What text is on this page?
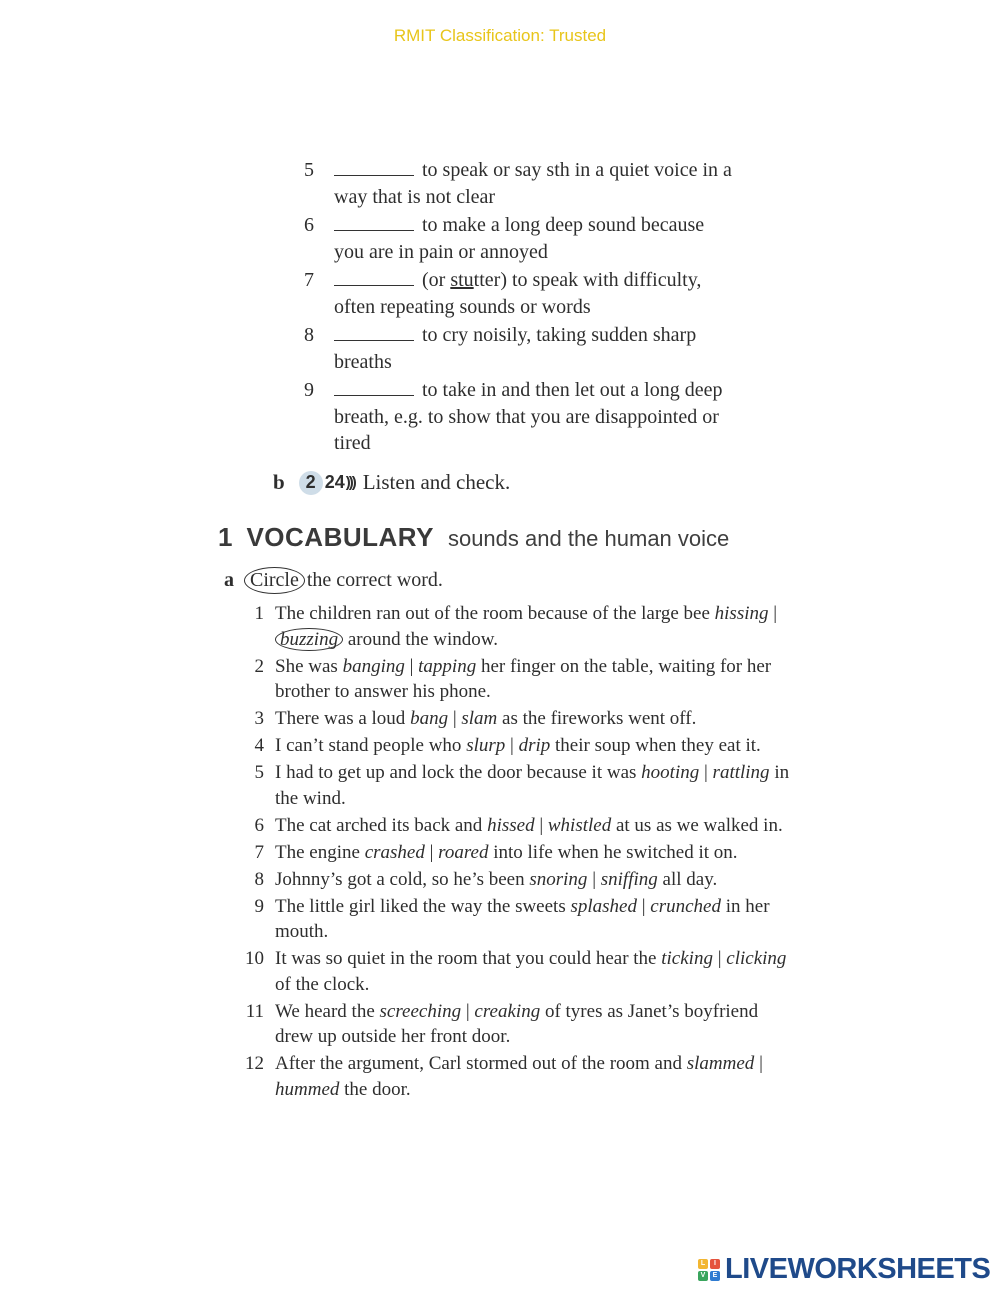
RMIT Classification: Trusted
5	to speak or say sth in a quiet voice in a way that is not clear
6	to make a long deep sound because you are in pain or annoyed
7	(or stutter) to speak with difficulty, often repeating sounds or words
8	to cry noisily, taking sudden sharp breaths
9	to take in and then let out a long deep breath, e.g. to show that you are disappointed or tired
b 2 24 ))) Listen and check.
1 VOCABULARY sounds and the human voice
a Circle the correct word.
1 The children ran out of the room because of the large bee hissing | buzzing around the window.
2 She was banging | tapping her finger on the table, waiting for her brother to answer his phone.
3 There was a loud bang | slam as the fireworks went off.
4 I can’t stand people who slurp | drip their soup when they eat it.
5 I had to get up and lock the door because it was hooting | rattling in the wind.
6 The cat arched its back and hissed | whistled at us as we walked in.
7 The engine crashed | roared into life when he switched it on.
8 Johnny’s got a cold, so he’s been snoring | sniffing all day.
9 The little girl liked the way the sweets splashed | crunched in her mouth.
10 It was so quiet in the room that you could hear the ticking | clicking of the clock.
11 We heard the screeching | creaking of tyres as Janet’s boyfriend drew up outside her front door.
12 After the argument, Carl stormed out of the room and slammed | hummed the door.
L	I
V	E LIVEWORKSHEETS
